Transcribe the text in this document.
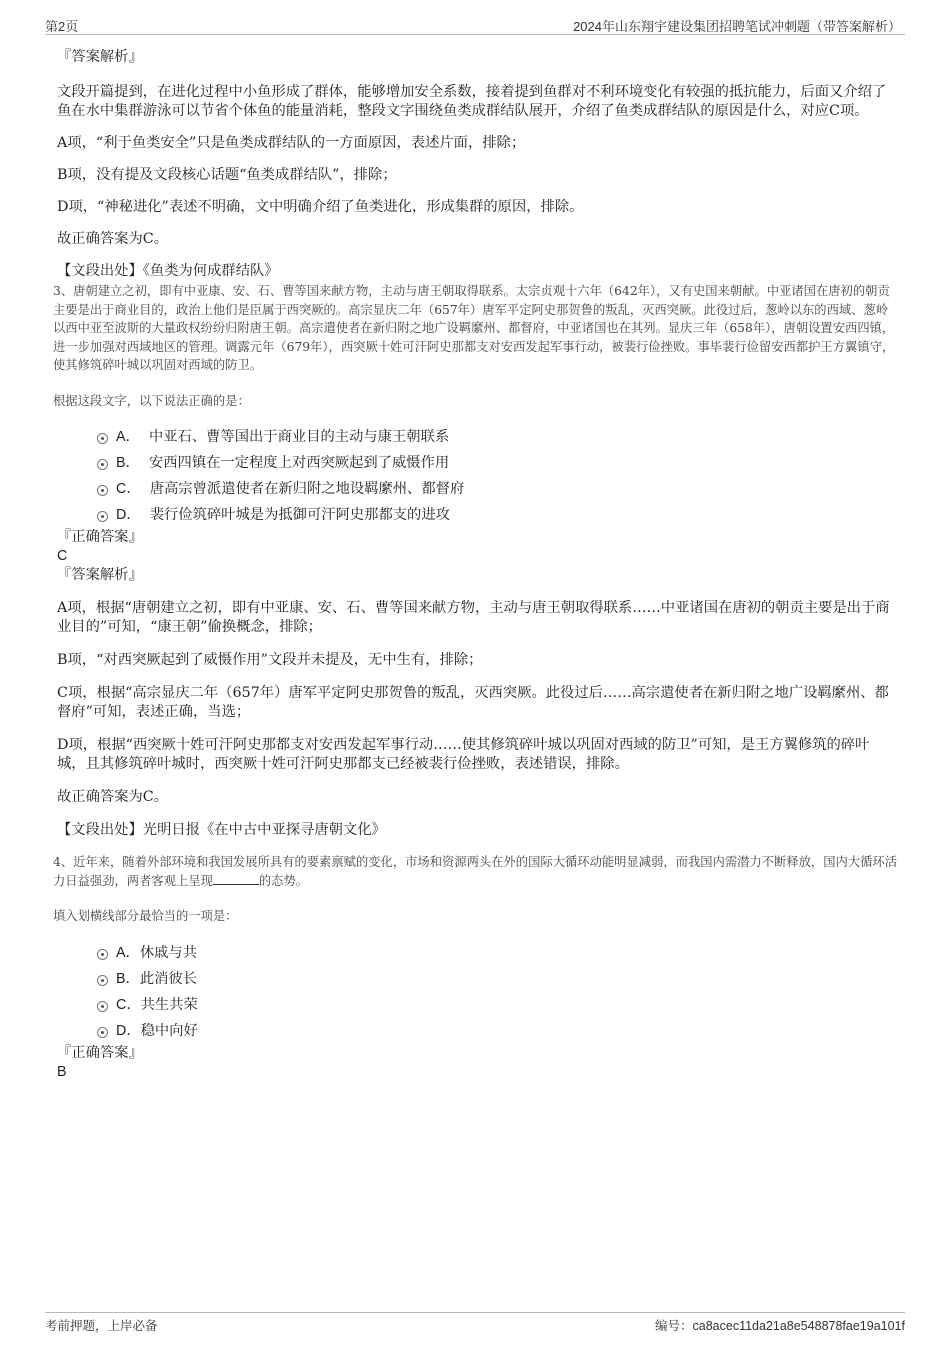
第2页	2024年山东翔宇建设集团招聘笔试冲刺题（带答案解析）

『答案解析』

文段开篇提到，在进化过程中小鱼形成了群体，能够增加安全系数，接着提到鱼群对不利环境变化有较强的抵抗能力，后面又介绍了鱼在水中集群游泳可以节省个体鱼的能量消耗，整段文字围绕鱼类成群结队展开，介绍了鱼类成群结队的原因是什么，对应C项。

A项，“利于鱼类安全”只是鱼类成群结队的一方面原因，表述片面，排除；

B项，没有提及文段核心话题“鱼类成群结队”，排除；

D项，“神秘进化”表述不明确，文中明确介绍了鱼类进化，形成集群的原因，排除。

故正确答案为C。

【文段出处】《鱼类为何成群结队》

3、唐朝建立之初，即有中亚康、安、石、曹等国来献方物，主动与唐王朝取得联系。太宗贞观十六年（642年），又有史国来朝献。中亚诸国在唐初的朝贡主要是出于商业目的，政治上他们是臣属于西突厥的。高宗显庆二年（657年）唐军平定阿史那贺鲁的叛乱，灭西突厥。此役过后，葱岭以东的西域、葱岭以西中亚至波斯的大量政权纷纷归附唐王朝。高宗遣使者在新归附之地广设羁縻州、都督府，中亚诸国也在其列。显庆三年（658年），唐朝设置安西四镇，进一步加强对西域地区的管理。调露元年（679年），西突厥十姓可汗阿史那都支对安西发起军事行动，被裴行俭挫败。事毕裴行俭留安西都护王方翼镇守，使其修筑碎叶城以巩固对西域的防卫。

根据这段文字，以下说法正确的是：

A． 中亚石、曹等国出于商业目的主动与康王朝联系
B． 安西四镇在一定程度上对西突厥起到了威慑作用
C． 唐高宗曾派遣使者在新归附之地设羁縻州、都督府
D． 裴行俭筑碎叶城是为抵御可汗阿史那都支的进攻

『正确答案』

C

『答案解析』

A项，根据“唐朝建立之初，即有中亚康、安、石、曹等国来献方物，主动与唐王朝取得联系……中亚诸国在唐初的朝贡主要是出于商业目的”可知，“康王朝”偷换概念，排除；

B项，“对西突厥起到了威慑作用”文段并未提及，无中生有，排除；

C项，根据“高宗显庆二年（657年）唐军平定阿史那贺鲁的叛乱，灭西突厥。此役过后……高宗遣使者在新归附之地广设羁縻州、都督府”可知，表述正确，当选；

D项，根据“西突厥十姓可汗阿史那都支对安西发起军事行动……使其修筑碎叶城以巩固对西域的防卫”可知，是王方翼修筑的碎叶城，且其修筑碎叶城时，西突厥十姓可汗阿史那都支已经被裴行俭挫败，表述错误，排除。

故正确答案为C。

【文段出处】光明日报《在中古中亚探寻唐朝文化》

4、近年来，随着外部环境和我国发展所具有的要素禀赋的变化，市场和资源两头在外的国际大循环动能明显减弱，而我国内需潜力不断释放，国内大循环活力日益强劲，两者客观上呈现	的态势。

填入划横线部分最恰当的一项是：

A．休戚与共
B．此消彼长
C．共生共荣
D．稳中向好

『正确答案』

B

考前押题，上岸必备	编号：ca8acec11da21a8e548878fae19a101f
